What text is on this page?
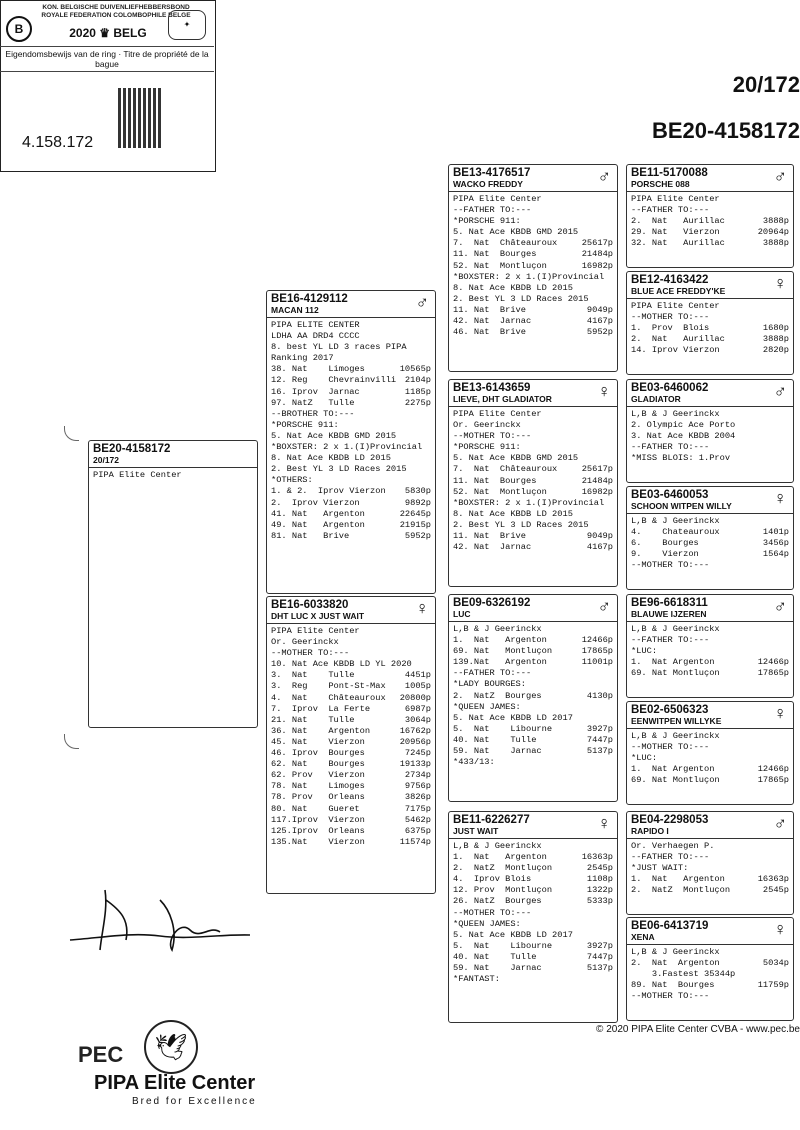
B
KON. BELGISCHE DUIVENLIEFHEBBERSBOND
ROYALE FEDERATION COLOMBOPHILE BELGE
2020 ♛ BELG
✦
Eigendomsbewijs van de ring · Titre de propriété de la bague
4.158.172
20/172
BE20-4158172
BE20-4158172
20/172
PIPA Elite Center
BE16-4129112	♂
MACAN 112
PIPA ELITE CENTER
LDHA AA DRD4 CCCC
8. best YL LD 3 races PIPA
Ranking 2017
38. Nat    Limoges	10565p
12. Reg    Chevrainvilli 2104p
16. Iprov  Jarnac	1185p
97. NatZ   Tulle	2275p
--BROTHER TO:---
*PORSCHE 911:
5. Nat Ace KBDB GMD 2015
*BOXSTER: 2 x 1.(I)Provincial
8. Nat Ace KBDB LD 2015
2. Best YL 3 LD Races 2015
*OTHERS:
1. & 2.  Iprov Vierzon 5830p
2.  Iprov Vierzon	9892p
41. Nat   Argenton	22645p
49. Nat   Argenton	21915p
81. Nat   Brive	5952p
BE16-6033820	♀
DHT LUC X JUST WAIT
PIPA Elite Center
Or. Geerinckx
--MOTHER TO:---
10. Nat Ace KBDB LD YL 2020
3.  Nat    Tulle	4451p
3.  Reg    Pont-St-Max 1005p
4.  Nat    Châteauroux 20800p
7.  Iprov  La Ferte	6987p
21. Nat    Tulle	3064p
36. Nat    Argenton	16762p
45. Nat    Vierzon	20956p
46. Iprov  Bourges	7245p
62. Nat    Bourges	19133p
62. Prov   Vierzon	2734p
78. Nat    Limoges	9756p
78. Prov   Orleans	3826p
80. Nat    Gueret	7175p
117.Iprov  Vierzon	5462p
125.Iprov  Orleans	6375p
135.Nat    Vierzon	11574p
BE13-4176517	♂
WACKO FREDDY
PIPA Elite Center
--FATHER TO:---
*PORSCHE 911:
5. Nat Ace KBDB GMD 2015
7.  Nat  Châteauroux	25617p
11. Nat  Bourges	21484p
52. Nat  Montluçon	16982p
*BOXSTER: 2 x 1.(I)Provincial
8. Nat Ace KBDB LD 2015
2. Best YL 3 LD Races 2015
11. Nat  Brive	9049p
42. Nat  Jarnac	4167p
46. Nat  Brive	5952p
BE13-6143659	♀
LIEVE, DHT GLADIATOR
PIPA Elite Center
Or. Geerinckx
--MOTHER TO:---
*PORSCHE 911:
5. Nat Ace KBDB GMD 2015
7.  Nat  Châteauroux	25617p
11. Nat  Bourges	21484p
52. Nat  Montluçon	16982p
*BOXSTER: 2 x 1.(I)Provincial
8. Nat Ace KBDB LD 2015
2. Best YL 3 LD Races 2015
11. Nat  Brive	9049p
42. Nat  Jarnac	4167p
BE09-6326192	♂
LUC
L,B & J Geerinckx
1.  Nat   Argenton	12466p
69. Nat   Montluçon	17865p
139.Nat   Argenton	11001p
--FATHER TO:---
*LADY BOURGES:
2.  NatZ  Bourges	4130p
*QUEEN JAMES:
5. Nat Ace KBDB LD 2017
5.  Nat    Libourne	3927p
40. Nat    Tulle	7447p
59. Nat    Jarnac	5137p
*433/13:
BE11-6226277	♀
JUST WAIT
L,B & J Geerinckx
1.  Nat   Argenton	16363p
2.  NatZ  Montluçon	2545p
4.  Iprov Blois	1108p
12. Prov  Montluçon	1322p
26. NatZ  Bourges	5333p
--MOTHER TO:---
*QUEEN JAMES:
5. Nat Ace KBDB LD 2017
5.  Nat    Libourne	3927p
40. Nat    Tulle	7447p
59. Nat    Jarnac	5137p
*FANTAST:
BE11-5170088	♂
PORSCHE 088
PIPA Elite Center
--FATHER TO:---
2.  Nat   Aurillac	3888p
29. Nat   Vierzon	20964p
32. Nat   Aurillac	3888p
BE12-4163422	♀
BLUE ACE FREDDY'KE
PIPA Elite Center
--MOTHER TO:---
1.  Prov  Blois	1680p
2.  Nat   Aurillac	3888p
14. Iprov Vierzon	2820p
BE03-6460062	♂
GLADIATOR
L,B & J Geerinckx
2. Olympic Ace Porto
3. Nat Ace KBDB 2004
--FATHER TO:---
*MISS BLOIS: 1.Prov
BE03-6460053	♀
SCHOON WITPEN WILLY
L,B & J Geerinckx
4.    Chateauroux	1401p
6.    Bourges	3456p
9.    Vierzon	1564p
--MOTHER TO:---
BE96-6618311	♂
BLAUWE IJZEREN
L,B & J Geerinckx
--FATHER TO:---
*LUC:
1.  Nat Argenton	12466p
69. Nat Montluçon	17865p
BE02-6506323	♀
EENWITPEN WILLYKE
L,B & J Geerinckx
--MOTHER TO:---
*LUC:
1.  Nat Argenton	12466p
69. Nat Montluçon	17865p
BE04-2298053	♂
RAPIDO I
Or. Verhaegen P.
--FATHER TO:---
*JUST WAIT:
1.  Nat   Argenton	16363p
2.  NatZ  Montluçon	2545p
BE06-6413719	♀
XENA
L,B & J Geerinckx
2.  Nat  Argenton	5034p
3.Fastest 35344p
89. Nat  Bourges	11759p
--MOTHER TO:---
© 2020 PIPA Elite Center CVBA - www.pec.be
🕊
PEC
PIPA Elite Center
Bred for Excellence
